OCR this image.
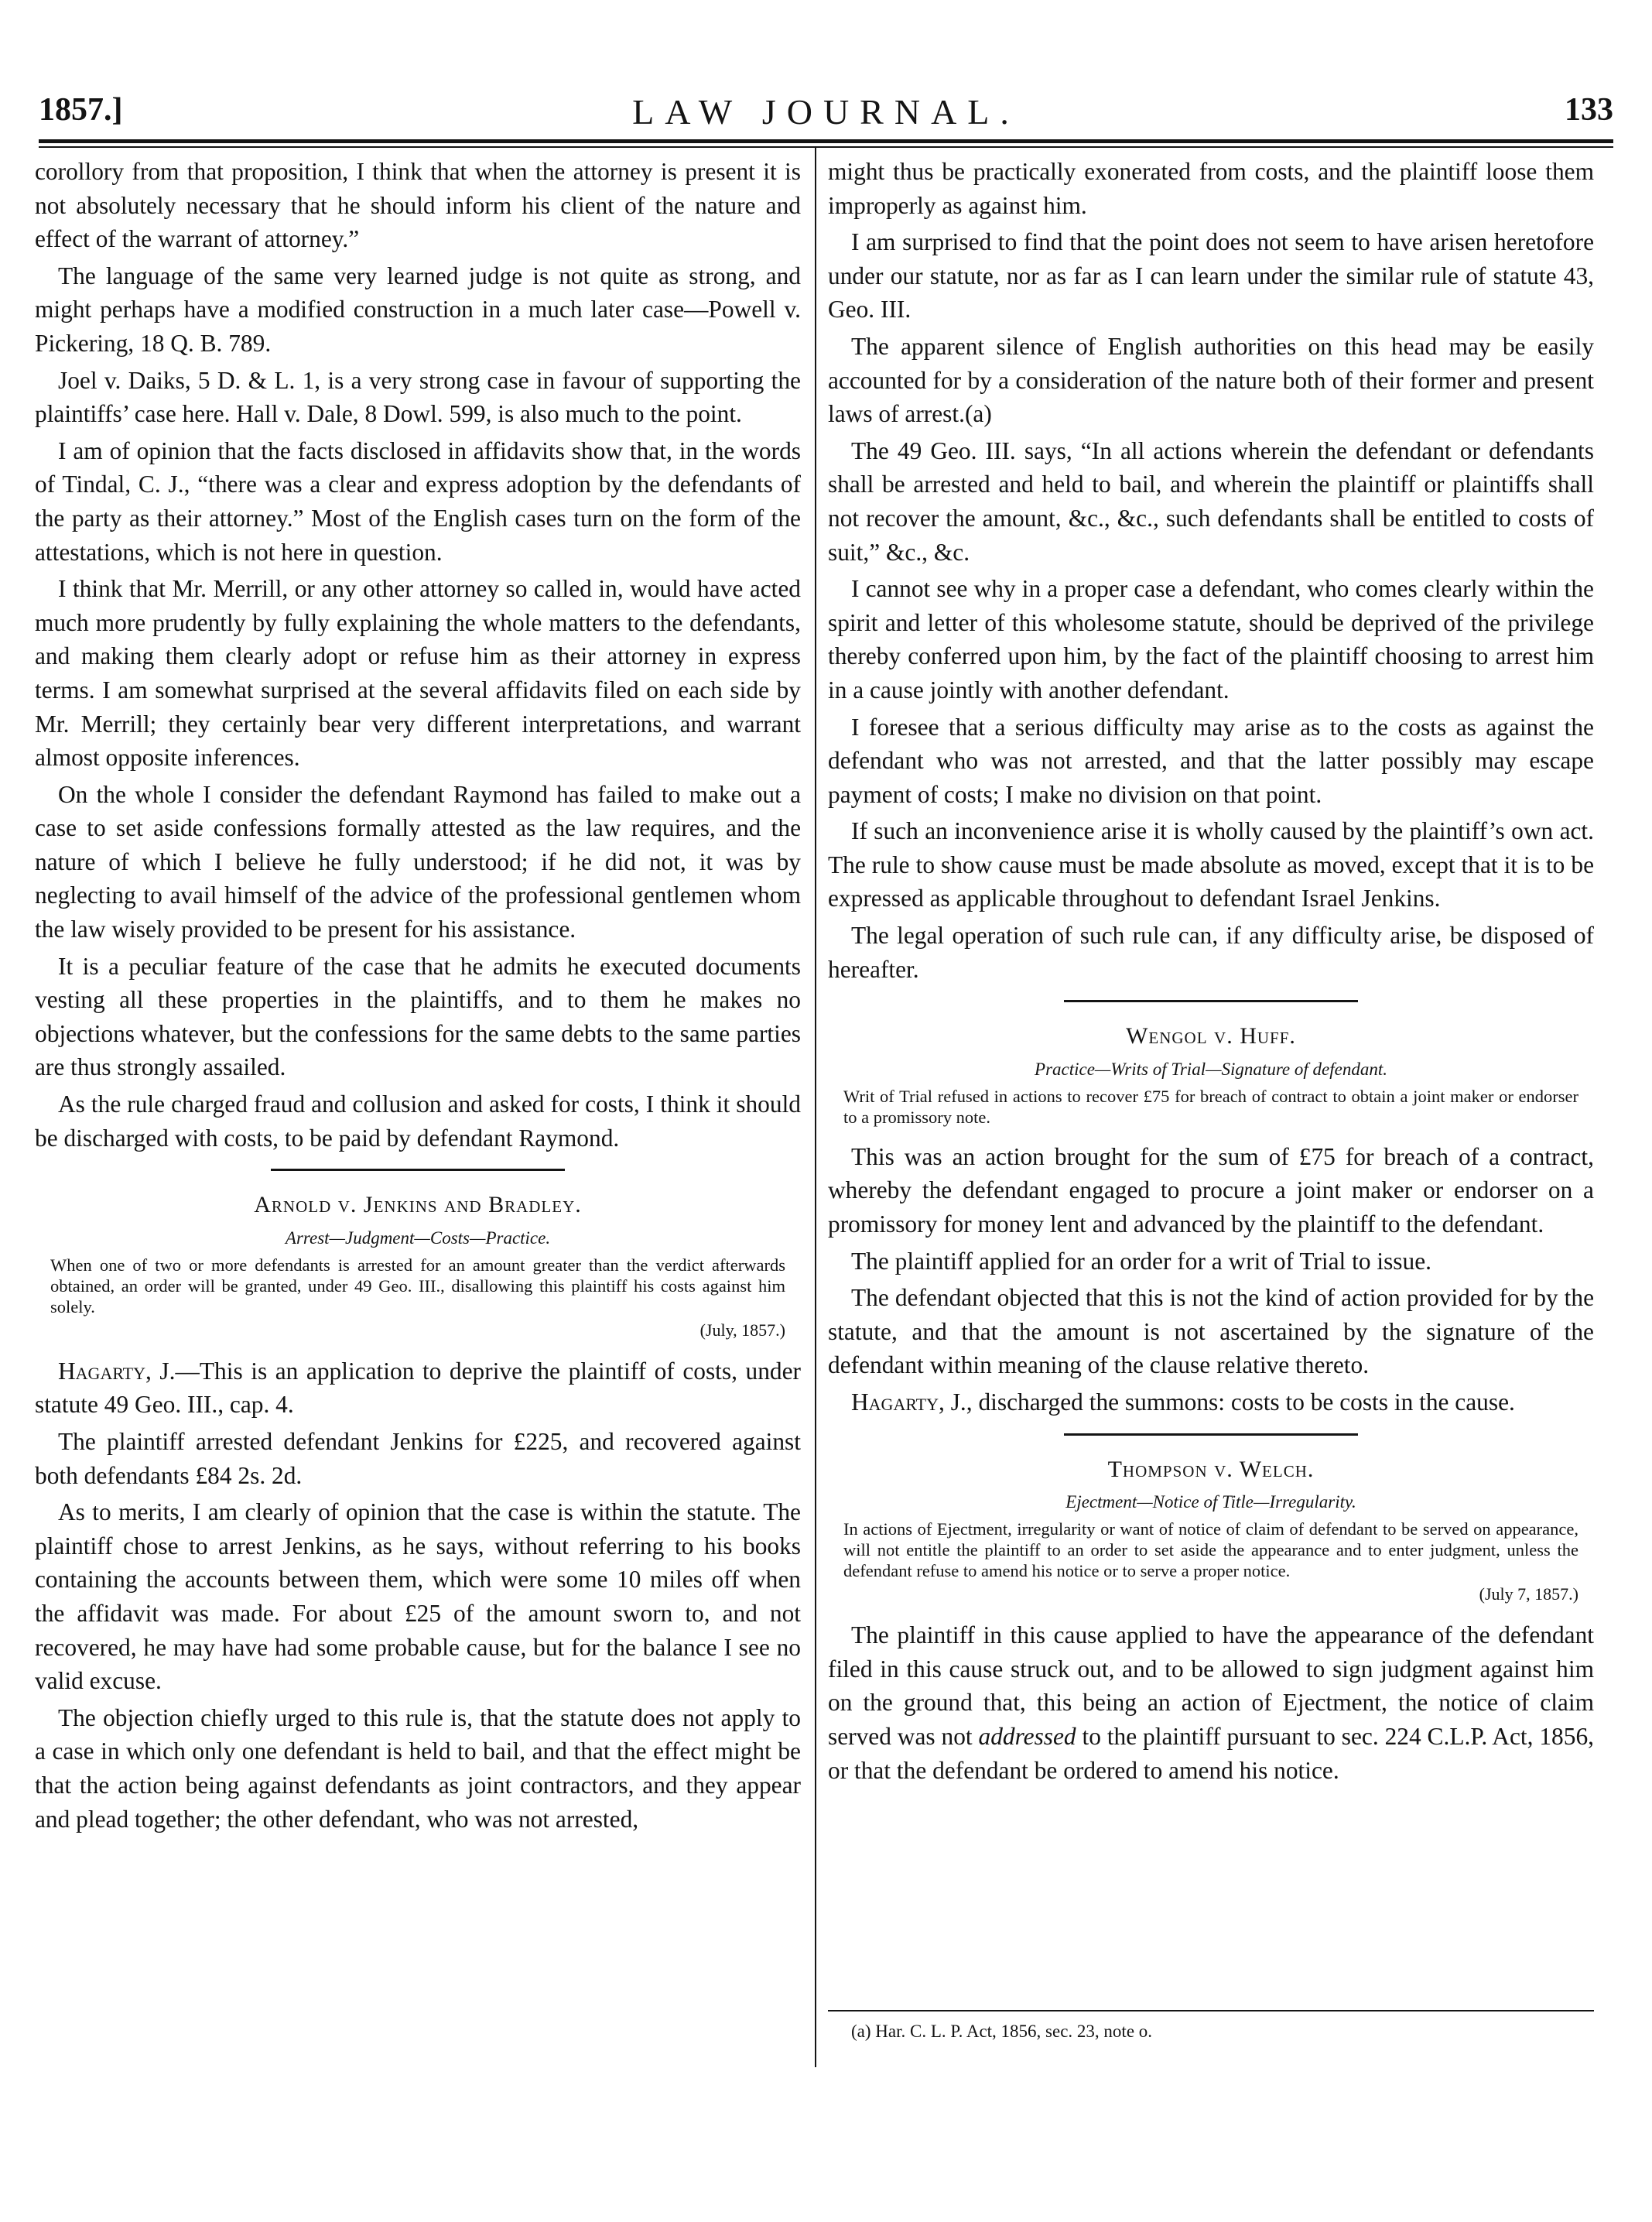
1857.]	LAW JOURNAL.	133

corollory from that proposition, I think that when the attorney is present it is not absolutely necessary that he should inform his client of the nature and effect of the warrant of attorney.”

The language of the same very learned judge is not quite as strong, and might perhaps have a modified construction in a much later case—Powell v. Pickering, 18 Q. B. 789.

Joel v. Daiks, 5 D. & L. 1, is a very strong case in favour of supporting the plaintiffs’ case here. Hall v. Dale, 8 Dowl. 599, is also much to the point.

I am of opinion that the facts disclosed in affidavits show that, in the words of Tindal, C. J., “there was a clear and express adoption by the defendants of the party as their attorney.” Most of the English cases turn on the form of the attestations, which is not here in question.

I think that Mr. Merrill, or any other attorney so called in, would have acted much more prudently by fully explaining the whole matters to the defendants, and making them clearly adopt or refuse him as their attorney in express terms. I am somewhat surprised at the several affidavits filed on each side by Mr. Merrill; they certainly bear very different interpretations, and warrant almost opposite inferences.

On the whole I consider the defendant Raymond has failed to make out a case to set aside confessions formally attested as the law requires, and the nature of which I believe he fully understood; if he did not, it was by neglecting to avail himself of the advice of the professional gentlemen whom the law wisely provided to be present for his assistance.

It is a peculiar feature of the case that he admits he executed documents vesting all these properties in the plaintiffs, and to them he makes no objections whatever, but the confessions for the same debts to the same parties are thus strongly assailed.

As the rule charged fraud and collusion and asked for costs, I think it should be discharged with costs, to be paid by defendant Raymond.

Arnold v. Jenkins and Bradley.
Arrest—Judgment—Costs—Practice.
When one of two or more defendants is arrested for an amount greater than the verdict afterwards obtained, an order will be granted, under 49 Geo. III., disallowing this plaintiff his costs against him solely.
(July, 1857.)

Hagarty, J.—This is an application to deprive the plaintiff of costs, under statute 49 Geo. III., cap. 4.

The plaintiff arrested defendant Jenkins for £225, and recovered against both defendants £84 2s. 2d.

As to merits, I am clearly of opinion that the case is within the statute. The plaintiff chose to arrest Jenkins, as he says, without referring to his books containing the accounts between them, which were some 10 miles off when the affidavit was made. For about £25 of the amount sworn to, and not recovered, he may have had some probable cause, but for the balance I see no valid excuse.

The objection chiefly urged to this rule is, that the statute does not apply to a case in which only one defendant is held to bail, and that the effect might be that the action being against defendants as joint contractors, and they appear and plead together; the other defendant, who was not arrested,

might thus be practically exonerated from costs, and the plaintiff loose them improperly as against him.

I am surprised to find that the point does not seem to have arisen heretofore under our statute, nor as far as I can learn under the similar rule of statute 43, Geo. III.

The apparent silence of English authorities on this head may be easily accounted for by a consideration of the nature both of their former and present laws of arrest.(a)

The 49 Geo. III. says, “In all actions wherein the defendant or defendants shall be arrested and held to bail, and wherein the plaintiff or plaintiffs shall not recover the amount, &c., &c., such defendants shall be entitled to costs of suit,” &c., &c.

I cannot see why in a proper case a defendant, who comes clearly within the spirit and letter of this wholesome statute, should be deprived of the privilege thereby conferred upon him, by the fact of the plaintiff choosing to arrest him in a cause jointly with another defendant.

I foresee that a serious difficulty may arise as to the costs as against the defendant who was not arrested, and that the latter possibly may escape payment of costs; I make no division on that point.

If such an inconvenience arise it is wholly caused by the plaintiff’s own act. The rule to show cause must be made absolute as moved, except that it is to be expressed as applicable throughout to defendant Israel Jenkins.

The legal operation of such rule can, if any difficulty arise, be disposed of hereafter.

Wengol v. Huff.
Practice—Writs of Trial—Signature of defendant.
Writ of Trial refused in actions to recover £75 for breach of contract to obtain a joint maker or endorser to a promissory note.

This was an action brought for the sum of £75 for breach of a contract, whereby the defendant engaged to procure a joint maker or endorser on a promissory for money lent and advanced by the plaintiff to the defendant.

The plaintiff applied for an order for a writ of Trial to issue.

The defendant objected that this is not the kind of action provided for by the statute, and that the amount is not ascertained by the signature of the defendant within meaning of the clause relative thereto.

Hagarty, J., discharged the summons: costs to be costs in the cause.

Thompson v. Welch.
Ejectment—Notice of Title—Irregularity.
In actions of Ejectment, irregularity or want of notice of claim of defendant to be served on appearance, will not entitle the plaintiff to an order to set aside the appearance and to enter judgment, unless the defendant refuse to amend his notice or to serve a proper notice.
(July 7, 1857.)

The plaintiff in this cause applied to have the appearance of the defendant filed in this cause struck out, and to be allowed to sign judgment against him on the ground that, this being an action of Ejectment, the notice of claim served was not addressed to the plaintiff pursuant to sec. 224 C.L.P. Act, 1856, or that the defendant be ordered to amend his notice.

(a) Har. C. L. P. Act, 1856, sec. 23, note o.
